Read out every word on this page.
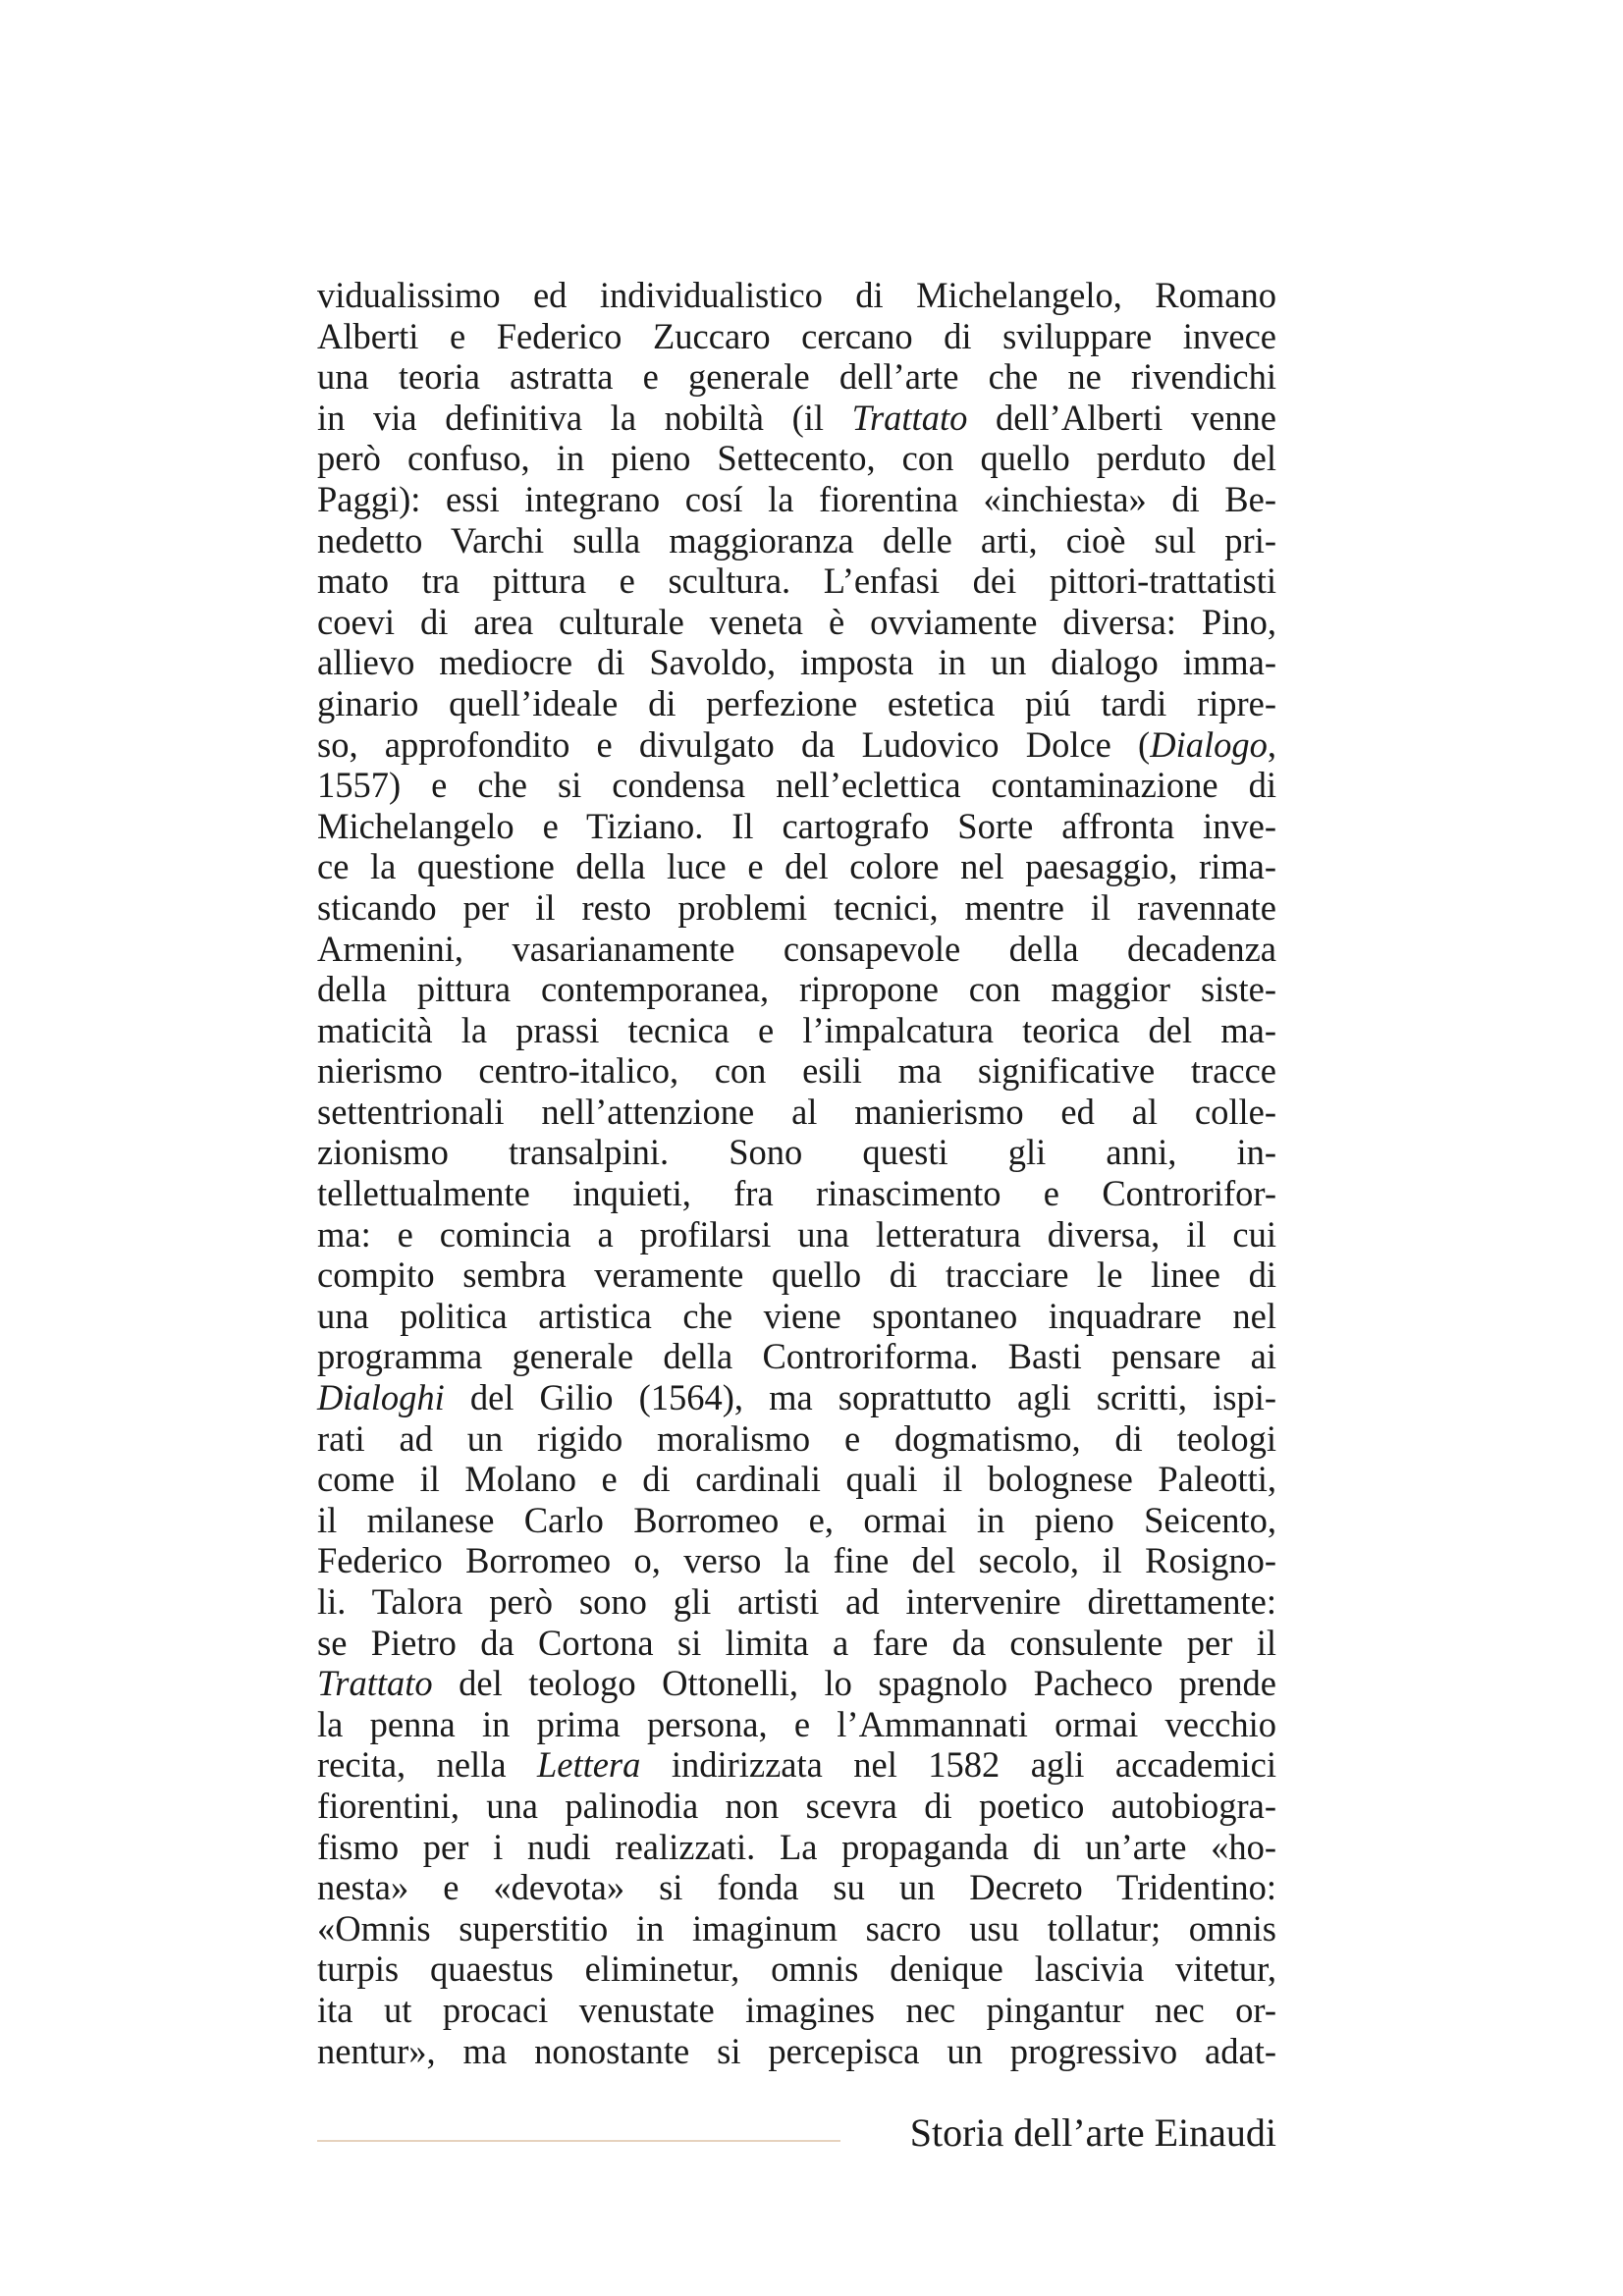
vidualissimo ed individualistico di Michelangelo, Romano
Alberti e Federico Zuccaro cercano di sviluppare invece
una teoria astratta e generale dell’arte che ne rivendichi
in via definitiva la nobiltà (il Trattato dell’Alberti venne
però confuso, in pieno Settecento, con quello perduto del
Paggi): essi integrano cosí la fiorentina «inchiesta» di Be-
nedetto Varchi sulla maggioranza delle arti, cioè sul pri-
mato tra pittura e scultura. L’enfasi dei pittori-trattatisti
coevi di area culturale veneta è ovviamente diversa: Pino,
allievo mediocre di Savoldo, imposta in un dialogo imma-
ginario quell’ideale di perfezione estetica piú tardi ripre-
so, approfondito e divulgato da Ludovico Dolce (Dialogo,
1557) e che si condensa nell’eclettica contaminazione di
Michelangelo e Tiziano. Il cartografo Sorte affronta inve-
ce la questione della luce e del colore nel paesaggio, rima-
sticando per il resto problemi tecnici, mentre il ravennate
Armenini, vasarianamente consapevole della decadenza
della pittura contemporanea, ripropone con maggior siste-
maticità la prassi tecnica e l’impalcatura teorica del ma-
nierismo centro-italico, con esili ma significative tracce
settentrionali nell’attenzione al manierismo ed al colle-
zionismo transalpini. Sono questi gli anni, in-
tellettualmente inquieti, fra rinascimento e Controrifor-
ma: e comincia a profilarsi una letteratura diversa, il cui
compito sembra veramente quello di tracciare le linee di
una politica artistica che viene spontaneo inquadrare nel
programma generale della Controriforma. Basti pensare ai
Dialoghi del Gilio (1564), ma soprattutto agli scritti, ispi-
rati ad un rigido moralismo e dogmatismo, di teologi
come il Molano e di cardinali quali il bolognese Paleotti,
il milanese Carlo Borromeo e, ormai in pieno Seicento,
Federico Borromeo o, verso la fine del secolo, il Rosigno-
li. Talora però sono gli artisti ad intervenire direttamente:
se Pietro da Cortona si limita a fare da consulente per il
Trattato del teologo Ottonelli, lo spagnolo Pacheco prende
la penna in prima persona, e l’Ammannati ormai vecchio
recita, nella Lettera indirizzata nel 1582 agli accademici
fiorentini, una palinodia non scevra di poetico autobiogra-
fismo per i nudi realizzati. La propaganda di un’arte «ho-
nesta» e «devota» si fonda su un Decreto Tridentino:
«Omnis superstitio in imaginum sacro usu tollatur; omnis
turpis quaestus eliminetur, omnis denique lascivia vitetur,
ita ut procaci venustate imagines nec pingantur nec or-
nentur», ma nonostante si percepisca un progressivo adat-
Storia dell’arte Einaudi
